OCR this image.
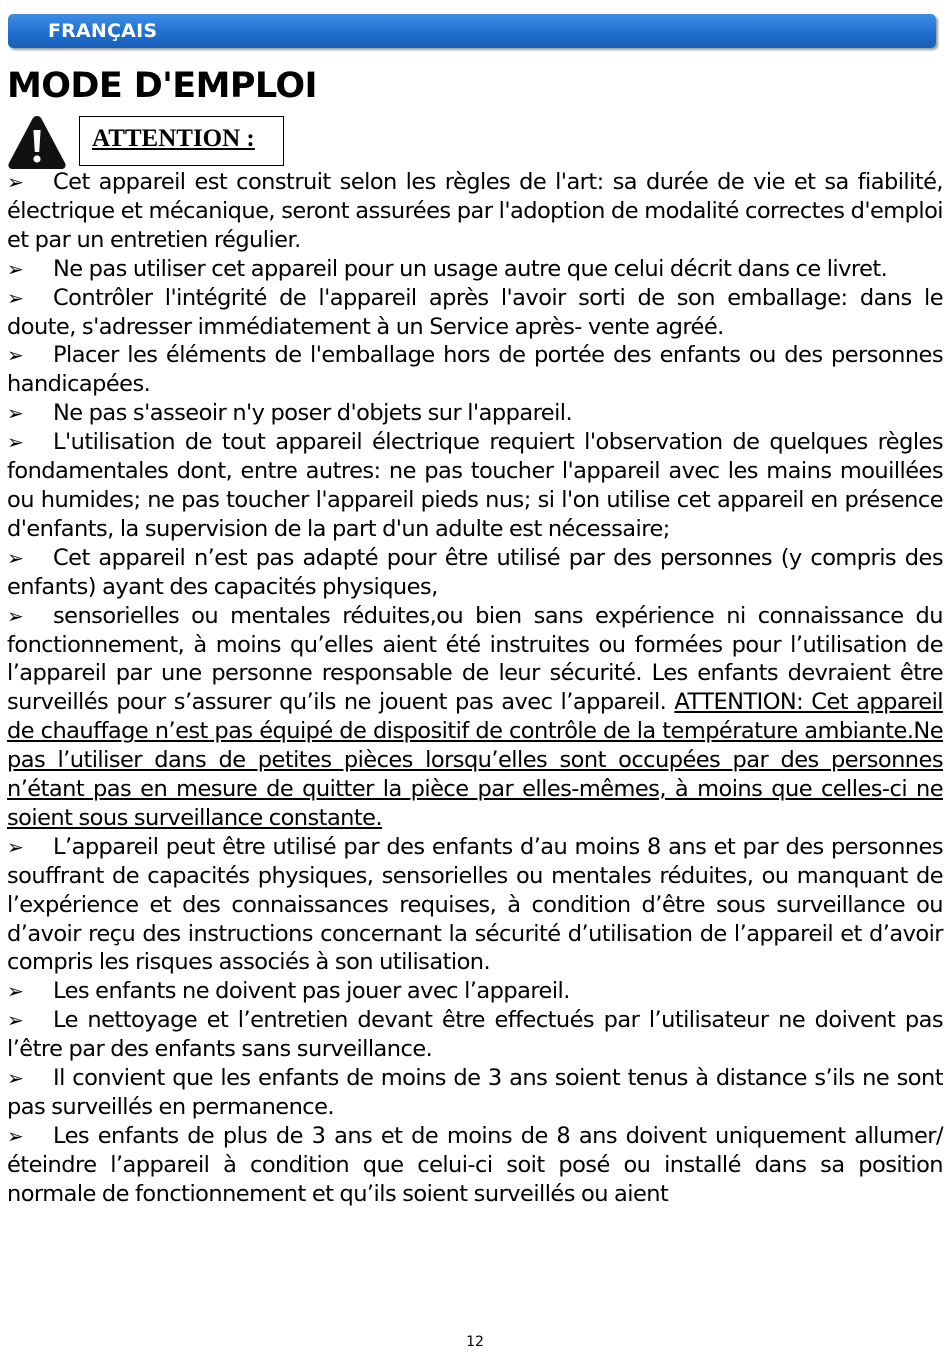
FRANÇAIS
MODE D'EMPLOI
ATTENTION :

➢ Cet appareil est construit selon les règles de l'art: sa durée de vie et sa fiabilité, électrique et mécanique, seront assurées par l'adoption de modalité correctes d'emploi et par un entretien régulier.

➢ Ne pas utiliser cet appareil pour un usage autre que celui décrit dans ce livret.

➢ Contrôler l'intégrité de l'appareil après l'avoir sorti de son emballage: dans le doute, s'adresser immédiatement à un Service après- vente agréé.

➢ Placer les éléments de l'emballage hors de portée des enfants ou des personnes handicapées.

➢ Ne pas s'asseoir n'y poser d'objets sur l'appareil.

➢ L'utilisation de tout appareil électrique requiert l'observation de quelques règles fondamentales dont, entre autres: ne pas toucher l'appareil avec les mains mouillées ou humides; ne pas toucher l'appareil pieds nus; si l'on utilise cet appareil en présence d'enfants, la supervision de la part d'un adulte est nécessaire;

➢ Cet appareil n’est pas adapté pour être utilisé par des personnes (y compris des enfants) ayant des capacités physiques,

➢ sensorielles ou mentales réduites,ou bien sans expérience ni connaissance du fonctionnement, à moins qu’elles aient été instruites ou formées pour l’utilisation de l’appareil par une personne responsable de leur sécurité. Les enfants devraient être surveillés pour s’assurer qu’ils ne jouent pas avec l’appareil. ATTENTION: Cet appareil de chauffage n’est pas équipé de dispositif de contrôle de la température ambiante.Ne pas l’utiliser dans de petites pièces lorsqu’elles sont occupées par des personnes n’étant pas en mesure de quitter la pièce par elles-mêmes, à moins que celles-ci ne soient sous surveillance constante.

➢ L’appareil peut être utilisé par des enfants d’au moins 8 ans et par des personnes souffrant de capacités physiques, sensorielles ou mentales réduites, ou manquant de l’expérience et des connaissances requises, à condition d’être sous surveillance ou d’avoir reçu des instructions concernant la sécurité d’utilisation de l’appareil et d’avoir compris les risques associés à son utilisation.

➢ Les enfants ne doivent pas jouer avec l’appareil.

➢ Le nettoyage et l’entretien devant être effectués par l’utilisateur ne doivent pas l’être par des enfants sans surveillance.

➢ Il convient que les enfants de moins de 3 ans soient tenus à distance s’ils ne sont pas surveillés en permanence.

➢ Les enfants de plus de 3 ans et de moins de 8 ans doivent uniquement allumer/éteindre l’appareil à condition que celui-ci soit posé ou installé dans sa position normale de fonctionnement et qu’ils soient surveillés ou aient

12
